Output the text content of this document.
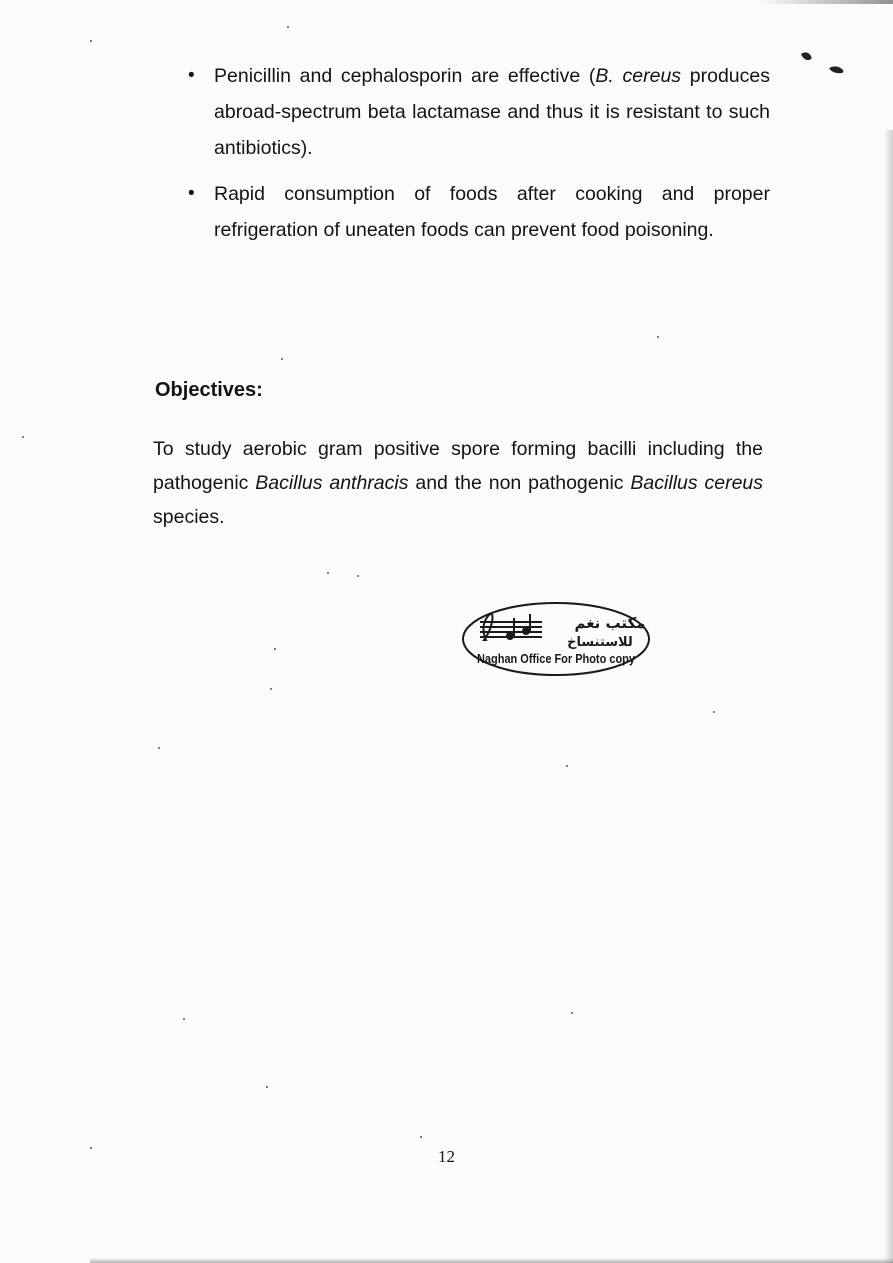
• Penicillin and cephalosporin are effective (B. cereus produces abroad-spectrum beta lactamase and thus it is resistant to such antibiotics).
• Rapid consumption of foods after cooking and proper refrigeration of uneaten foods can prevent food poisoning.
Objectives:

To study aerobic gram positive spore forming bacilli including the pathogenic Bacillus anthracis and the non pathogenic Bacillus cereus species.

مكتب نغم
للاستنساخ
Naghan Office For Photo copy
12
